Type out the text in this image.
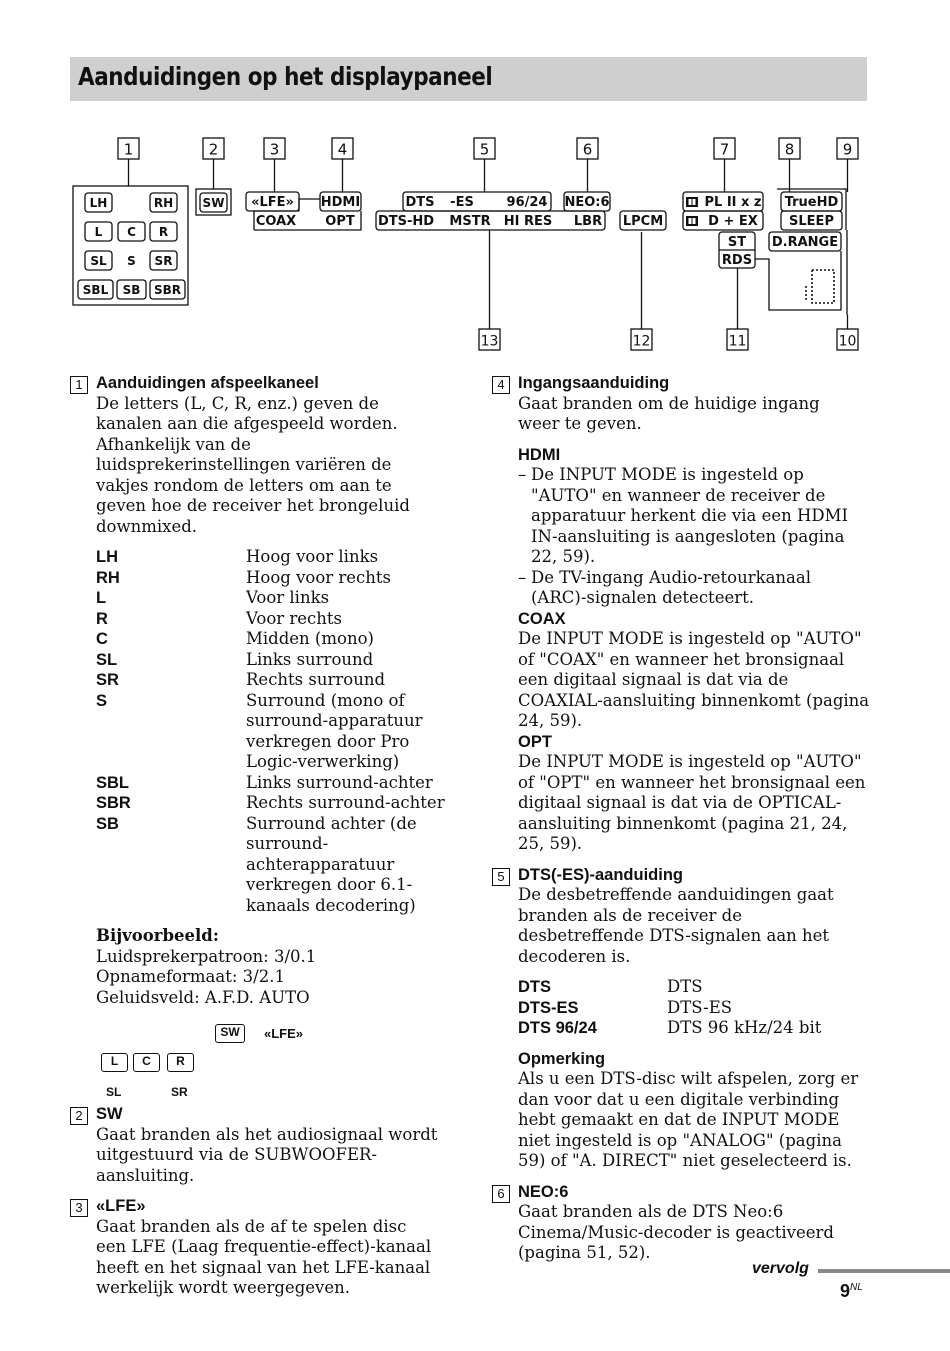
Aanduidingen op het displaypaneel
1	2	3	4	5	6	7	8	9
13	12	11	10
LH	RH
L C R
SL S SR
SBL SB SBR
SW «LFE» HDMI
COAX OPT
DTS -ES	96/24 NEO:6
DTS-HD MSTR HI RES LBR LPCM
PL II x z
D + EX
TrueHD
SLEEP
ST
RDS
D.RANGE
1 Aanduidingen afspeelkaneel

De letters (L, C, R, enz.) geven de kanalen aan die afgespeeld worden. Afhankelijk van de luidsprekerinstellingen variëren de vakjes rondom de letters om aan te geven hoe de receiver het brongeluid downmixed.

LH	Hoog voor links
RH	Hoog voor rechts
L	Voor links
R	Voor rechts
C	Midden (mono)
SL	Links surround
SR	Rechts surround
S	Surround (mono of surround-apparatuur verkregen door Pro Logic-verwerking)
SBL	Links surround-achter
SBR	Rechts surround-achter
SB	Surround achter (de surround-achterapparatuur verkregen door 6.1-kanaals decodering)
Bijvoorbeeld:

Luidsprekerpatroon: 3/0.1

Opnameformaat: 3/2.1

Geluidsveld: A.F.D. AUTO

SW	«LFE»
L	C	R
SL	SR
2 SW

Gaat branden als het audiosignaal wordt uitgestuurd via de SUBWOOFER-aansluiting.

3 «LFE»

Gaat branden als de af te spelen disc een LFE (Laag frequentie-effect)-kanaal heeft en het signaal van het LFE-kanaal werkelijk wordt weergegeven.

4 Ingangsaanduiding

Gaat branden om de huidige ingang weer te geven.

HDMI
– De INPUT MODE is ingesteld op "AUTO" en wanneer de receiver de apparatuur herkent die via een HDMI IN-aansluiting is aangesloten (pagina 22, 59).
– De TV-ingang Audio-retourkanaal (ARC)-signalen detecteert.
COAX

De INPUT MODE is ingesteld op "AUTO" of "COAX" en wanneer het bronsignaal een digitaal signaal is dat via de COAXIAL-aansluiting binnenkomt (pagina 24, 59).

OPT

De INPUT MODE is ingesteld op "AUTO" of "OPT" en wanneer het bronsignaal een digitaal signaal is dat via de OPTICAL-aansluiting binnenkomt (pagina 21, 24, 25, 59).

5 DTS(-ES)-aanduiding

De desbetreffende aanduidingen gaat branden als de receiver de desbetreffende DTS-signalen aan het decoderen is.

DTS	DTS
DTS-ES	DTS-ES
DTS 96/24	DTS 96 kHz/24 bit
Opmerking

Als u een DTS-disc wilt afspelen, zorg er dan voor dat u een digitale verbinding hebt gemaakt en dat de INPUT MODE niet ingesteld is op "ANALOG" (pagina 59) of "A. DIRECT" niet geselecteerd is.

6 NEO:6

Gaat branden als de DTS Neo:6 Cinema/Music-decoder is geactiveerd (pagina 51, 52).

vervolg
$9^{NL}$
